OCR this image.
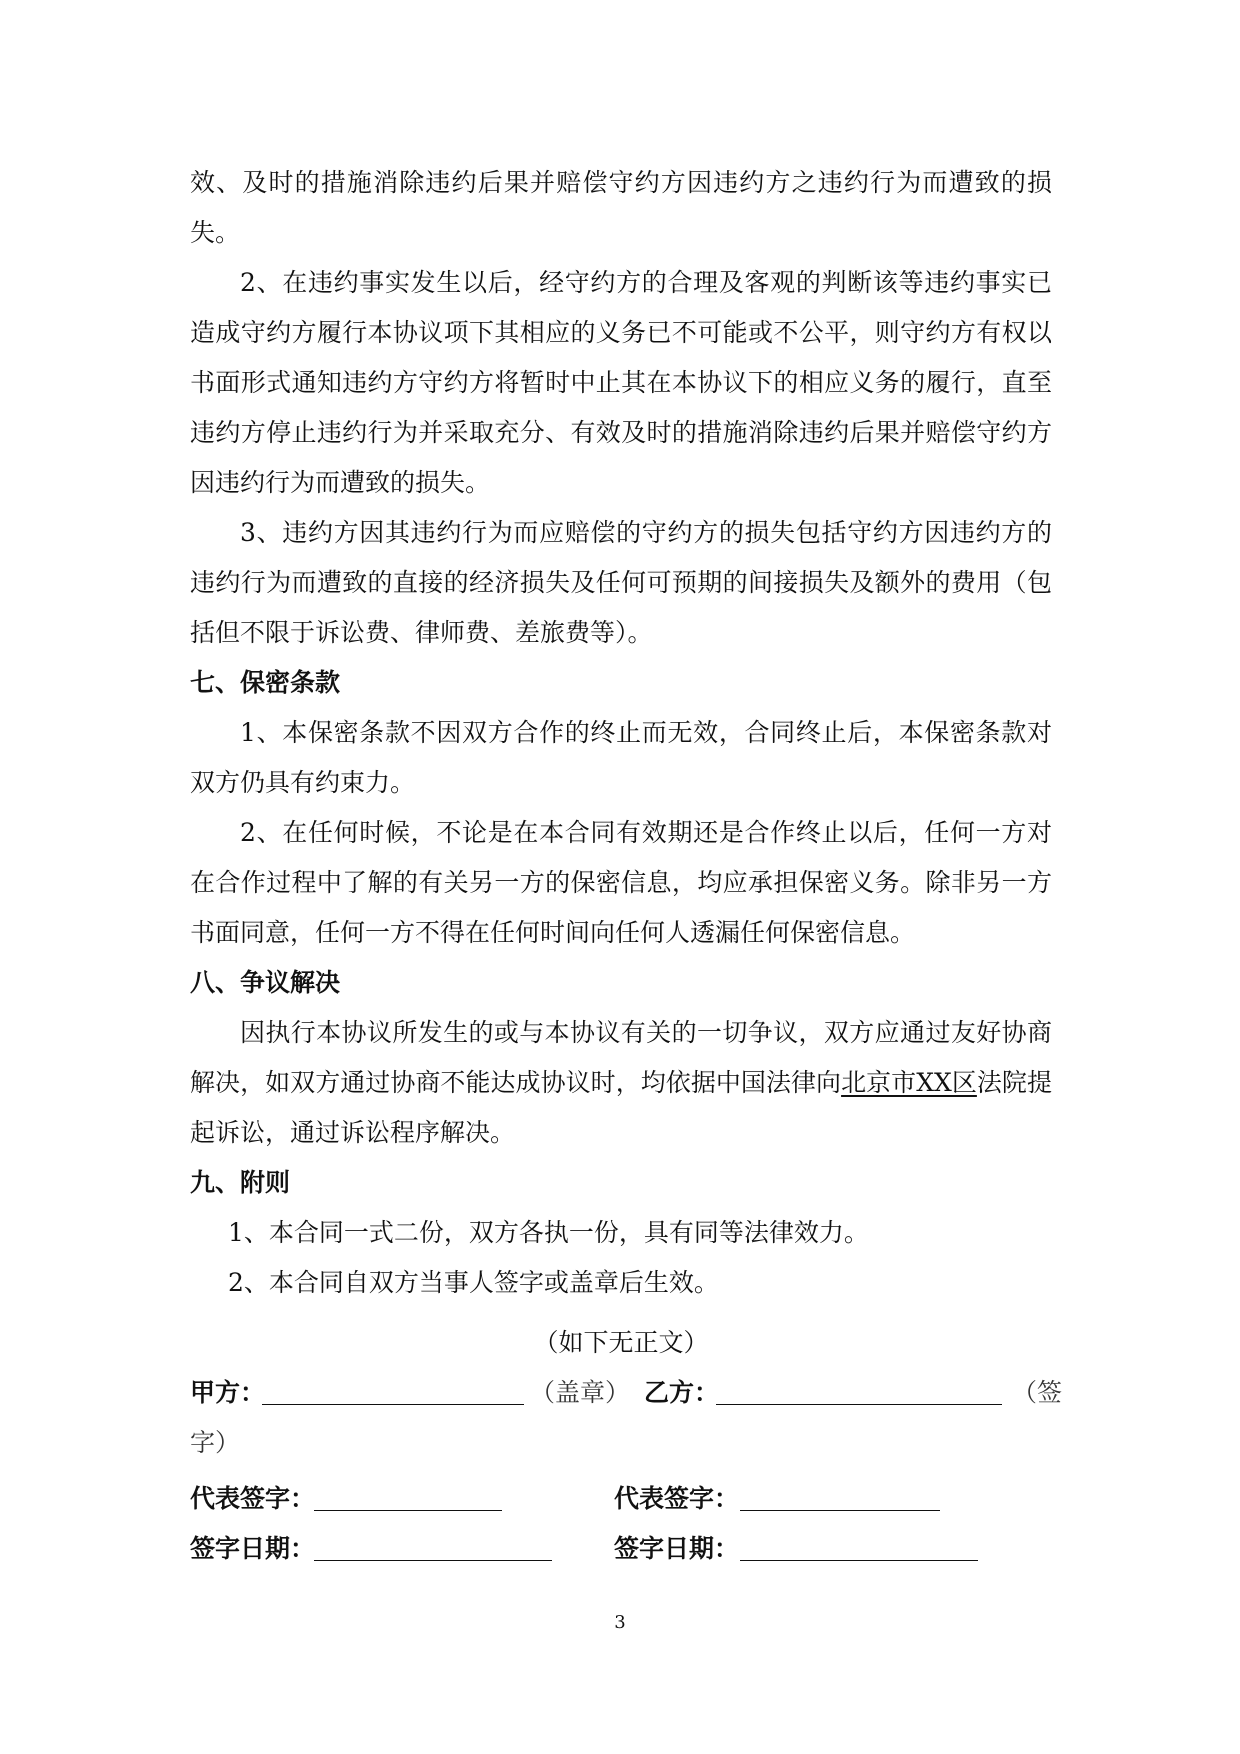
效、及时的措施消除违约后果并赔偿守约方因违约方之违约行为而遭致的损失。

2、在违约事实发生以后，经守约方的合理及客观的判断该等违约事实已造成守约方履行本协议项下其相应的义务已不可能或不公平，则守约方有权以书面形式通知违约方守约方将暂时中止其在本协议下的相应义务的履行，直至违约方停止违约行为并采取充分、有效及时的措施消除违约后果并赔偿守约方因违约行为而遭致的损失。

3、违约方因其违约行为而应赔偿的守约方的损失包括守约方因违约方的违约行为而遭致的直接的经济损失及任何可预期的间接损失及额外的费用（包括但不限于诉讼费、律师费、差旅费等）。

七、保密条款

1、本保密条款不因双方合作的终止而无效，合同终止后，本保密条款对双方仍具有约束力。

2、在任何时候，不论是在本合同有效期还是合作终止以后，任何一方对在合作过程中了解的有关另一方的保密信息，均应承担保密义务。除非另一方书面同意，任何一方不得在任何时间向任何人透漏任何保密信息。

八、争议解决

因执行本协议所发生的或与本协议有关的一切争议，双方应通过友好协商解决，如双方通过协商不能达成协议时，均依据中国法律向北京市XX区法院提起诉讼，通过诉讼程序解决。

九、附则

1、本合同一式二份，双方各执一份，具有同等法律效力。

2、本合同自双方当事人签字或盖章后生效。

（如下无正文）

甲方：	（盖章） 乙方：	（签
字）
代表签字：	代表签字：
签字日期：	签字日期：
3
